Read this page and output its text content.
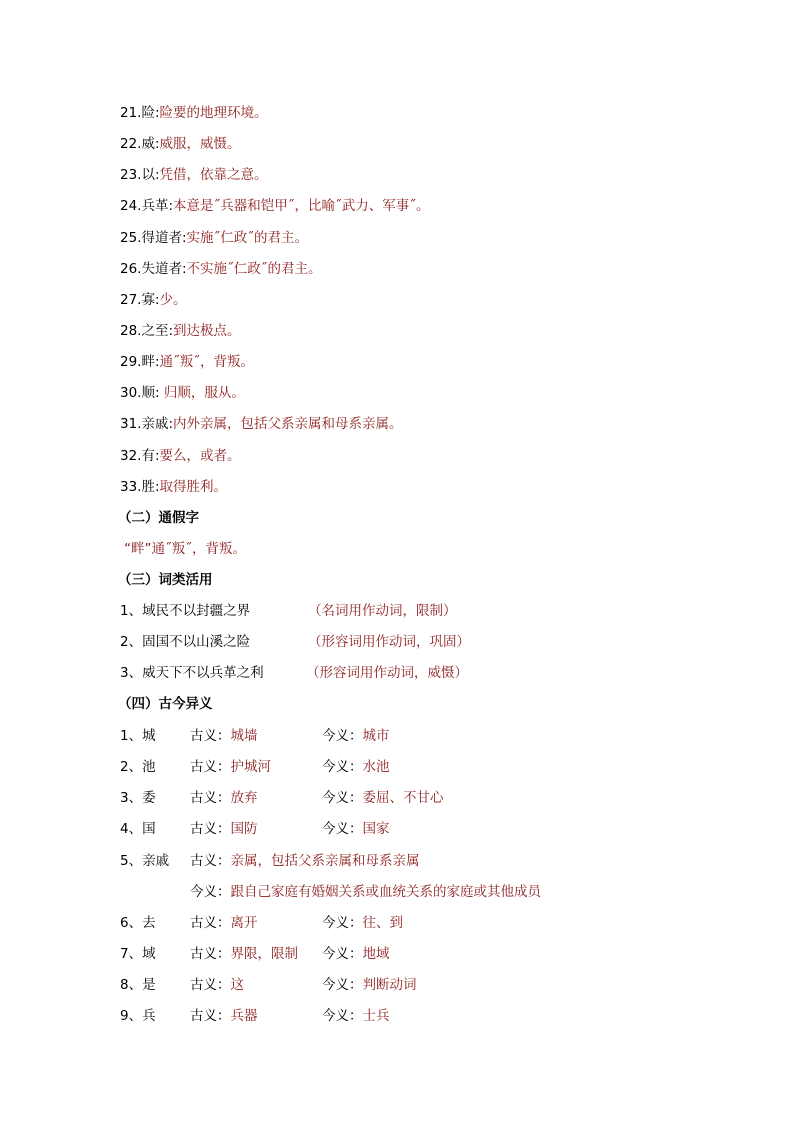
21.险:险要的地理环境。
22.威:威服，威慑。
23.以:凭借，依靠之意。
24.兵革:本意是˝兵器和铠甲˝，比喻˝武力、军事˝。
25.得道者:实施˝仁政˝的君主。
26.失道者:不实施˝仁政˝的君主。
27.寡:少。
28.之至:到达极点。
29.畔:通˝叛˝，背叛。
30.顺: 归顺，服从。
31.亲戚:内外亲属，包括父系亲属和母系亲属。
32.有:要么，或者。
33.胜:取得胜利。
（二）通假字
“畔”通˝叛˝，背叛。
（三）词类活用
1、域民不以封疆之界	（名词用作动词，限制）
2、固国不以山溪之险	（形容词用作动词，巩固）
3、威天下不以兵革之利	（形容词用作动词，威慑）
（四）古今异义
1、城	古义：城墙	今义：城市
2、池	古义：护城河	今义：水池
3、委	古义：放弃	今义：委屈、不甘心
4、国	古义：国防	今义：国家
5、亲戚 古义：亲属，包括父系亲属和母系亲属
今义：跟自己家庭有婚姻关系或血统关系的家庭或其他成员
6、去	古义：离开	今义：往、到
7、域	古义：界限，限制 今义：地域
8、是	古义：这	今义：判断动词
9、兵	古义：兵器	今义：士兵
